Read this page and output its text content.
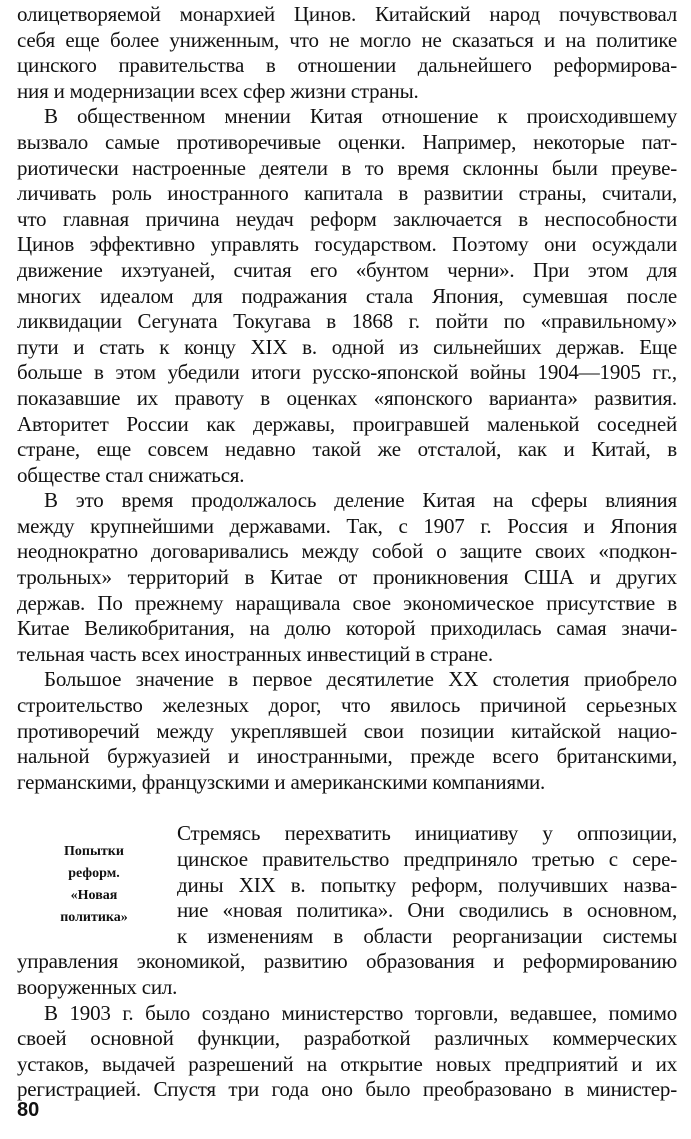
олицетворяемой монархией Цинов. Китайский народ почувствовал
себя еще более униженным, что не могло не сказаться и на политике
цинского правительства в отношении дальнейшего реформирова-
ния и модернизации всех сфер жизни страны.
В общественном мнении Китая отношение к происходившему
вызвало самые противоречивые оценки. Например, некоторые пат-
риотически настроенные деятели в то время склонны были преуве-
личивать роль иностранного капитала в развитии страны, считали,
что главная причина неудач реформ заключается в неспособности
Цинов эффективно управлять государством. Поэтому они осуждали
движение ихэтуаней, считая его «бунтом черни». При этом для
многих идеалом для подражания стала Япония, сумевшая после
ликвидации Сегуната Токугава в 1868 г. пойти по «правильному»
пути и стать к концу XIX в. одной из сильнейших держав. Еще
больше в этом убедили итоги русско-японской войны 1904—1905 гг.,
показавшие их правоту в оценках «японского варианта» развития.
Авторитет России как державы, проигравшей маленькой соседней
стране, еще совсем недавно такой же отсталой, как и Китай, в
обществе стал снижаться.
В это время продолжалось деление Китая на сферы влияния
между крупнейшими державами. Так, с 1907 г. Россия и Япония
неоднократно договаривались между собой о защите своих «подкон-
трольных» территорий в Китае от проникновения США и других
держав. По прежнему наращивала свое экономическое присутствие в
Китае Великобритания, на долю которой приходилась самая значи-
тельная часть всех иностранных инвестиций в стране.
Большое значение в первое десятилетие XX столетия приобрело
строительство железных дорог, что явилось причиной серьезных
противоречий между укреплявшей свои позиции китайской нацио-
нальной буржуазией и иностранными, прежде всего британскими,
германскими, французскими и американскими компаниями.
Попытки
реформ.
«Новая
политика»
Стремясь перехватить инициативу у оппозиции,
цинское правительство предприняло третью с сере-
дины XIX в. попытку реформ, получивших назва-
ние «новая политика». Они сводились в основном,
к изменениям в области реорганизации системы
управления экономикой, развитию образования и реформированию
вооруженных сил.
В 1903 г. было создано министерство торговли, ведавшее, помимо
своей основной функции, разработкой различных коммерческих
устаков, выдачей разрешений на открытие новых предприятий и их
регистрацией. Спустя три года оно было преобразовано в министер-
80
